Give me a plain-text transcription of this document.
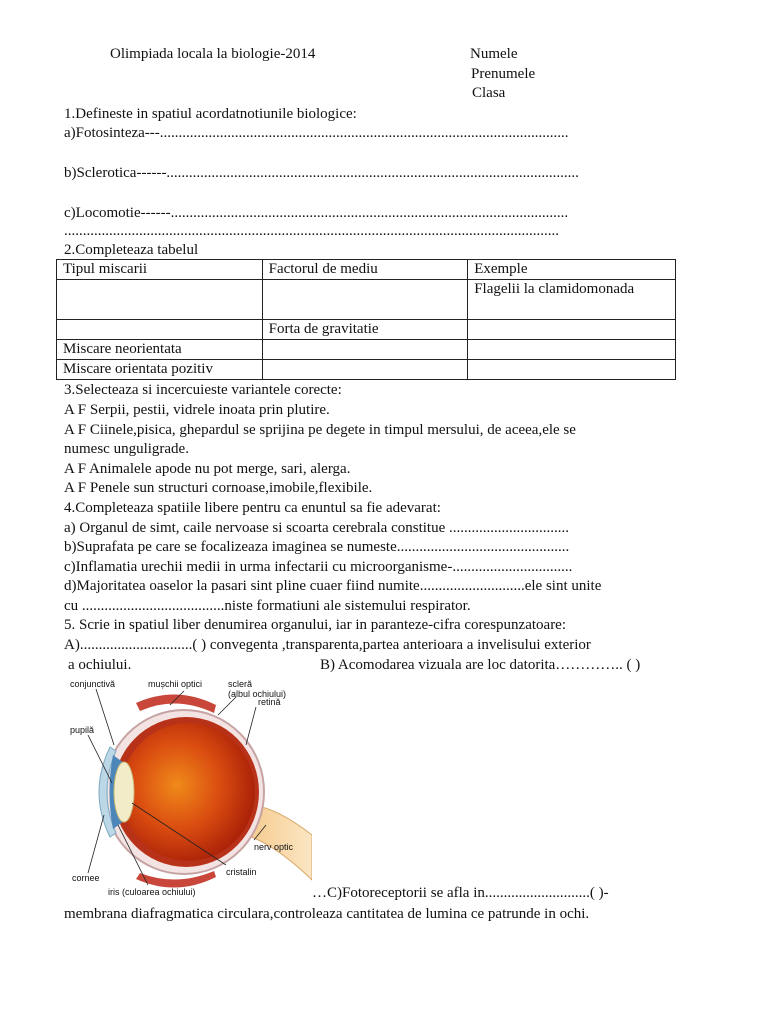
Olimpiada locala la biologie-2014	Numele
Prenumele
Clasa
1.Defineste in spatiul acordatnotiunile biologice:
a)Fotosinteza---.............................................................................................................
b)Sclerotica------..............................................................................................................
c)Locomotie------..........................................................................................................
....................................................................................................................................
2.Completeaza tabelul
Tipul miscarii	Factorul de mediu	Exemple
		Flagelii la clamidomonada
	Forta de gravitatie	
Miscare neorientata		
Miscare orientata pozitiv		
3.Selecteaza si incercuieste variantele corecte:
A F Serpii, pestii, vidrele inoata prin plutire.
A F Ciinele,pisica, ghepardul se sprijina pe degete in timpul mersului, de aceea,ele se
numesc unguligrade.
A F Animalele apode nu pot merge, sari, alerga.
A F Penele sun structuri cornoase,imobile,flexibile.
4.Completeaza spatiile libere pentru ca enuntul sa fie adevarat:
a) Organul de simt, caile nervoase si scoarta cerebrala constitue ................................
b)Suprafata pe care se focalizeaza imaginea se numeste..............................................
c)Inflamatia urechii medii in urma infectarii cu microorganisme-................................
d)Majoritatea oaselor la pasari sint pline cuaer fiind numite............................ele sint unite
cu ......................................niste formatiuni ale sistemului respirator.
5. Scrie in spatiul liber denumirea organului, iar in paranteze-cifra corespunzatoare:
A)..............................( ) convegenta ,transparenta,partea anterioara a invelisului exterior
a ochiului.	B) Acomodarea vizuala are loc datorita………….. ( )
conjunctivă	mușchii optici	scleră
(albul ochiului)
retină
pupilă
nerv optic
cornee
cristalin
iris (culoarea ochiului)	…C)Fotoreceptorii se afla in............................( )-
membrana diafragmatica circulara,controleaza cantitatea de lumina ce patrunde in ochi.
